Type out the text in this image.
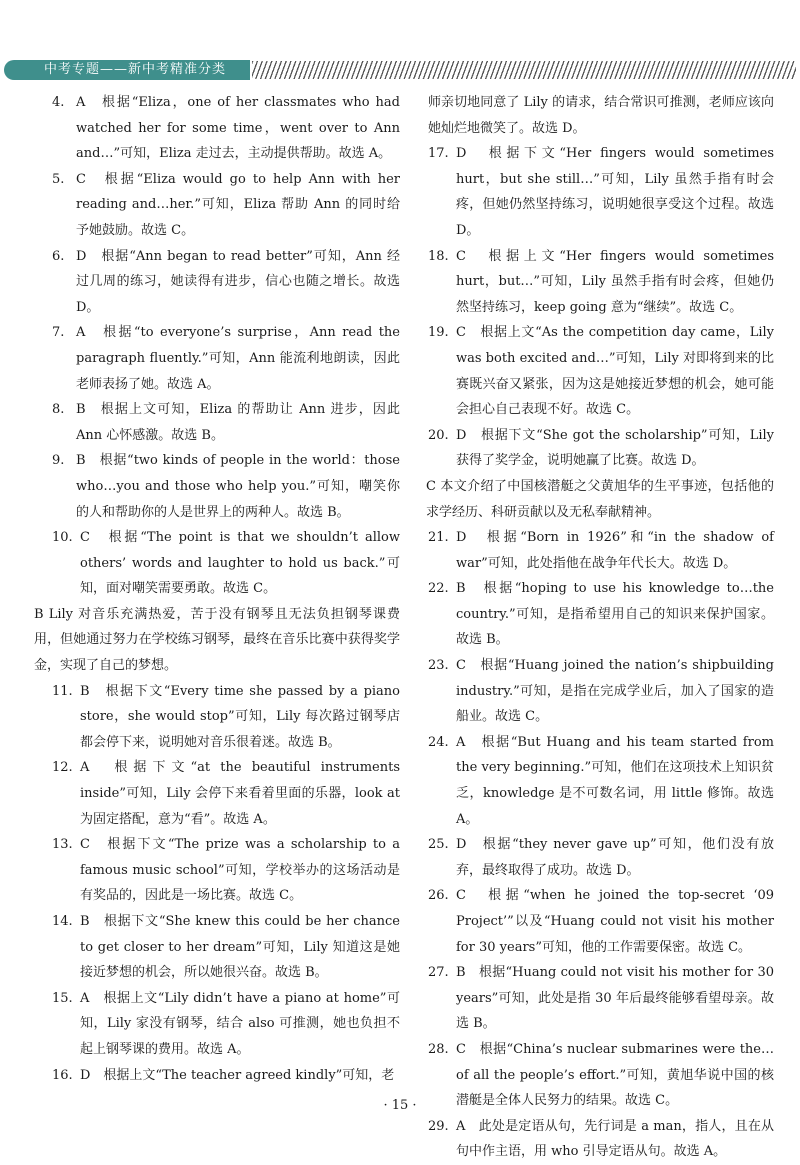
中考专题——新中考精准分类
4. A　根据“Eliza，one of her classmates who had watched her for some time，went over to Ann and…”可知，Eliza 走过去，主动提供帮助。故选 A。
5. C　根据“Eliza would go to help Ann with her reading and…her.”可知，Eliza 帮助 Ann 的同时给予她鼓励。故选 C。
6. D　根据“Ann began to read better”可知，Ann 经过几周的练习，她读得有进步，信心也随之增长。故选 D。
7. A　根据“to everyone’s surprise，Ann read the paragraph fluently.”可知，Ann 能流利地朗读，因此老师表扬了她。故选 A。
8. B　根据上文可知，Eliza 的帮助让 Ann 进步，因此 Ann 心怀感激。故选 B。
9. B　根据“two kinds of people in the world：those who…you and those who help you.”可知，嘲笑你的人和帮助你的人是世界上的两种人。故选 B。
10. C　根据“The point is that we shouldn’t allow others’ words and laughter to hold us back.”可知，面对嘲笑需要勇敢。故选 C。
B Lily 对音乐充满热爱，苦于没有钢琴且无法负担钢琴课费用，但她通过努力在学校练习钢琴，最终在音乐比赛中获得奖学金，实现了自己的梦想。
11. B　根据下文“Every time she passed by a piano store，she would stop”可知，Lily 每次路过钢琴店都会停下来，说明她对音乐很着迷。故选 B。
12. A　根据下文“at the beautiful instruments inside”可知，Lily 会停下来看着里面的乐器，look at 为固定搭配，意为“看”。故选 A。
13. C　根据下文“The prize was a scholarship to a famous music school”可知，学校举办的这场活动是有奖品的，因此是一场比赛。故选 C。
14. B　根据下文“She knew this could be her chance to get closer to her dream”可知，Lily 知道这是她接近梦想的机会，所以她很兴奋。故选 B。
15. A　根据上文“Lily didn’t have a piano at home”可知，Lily 家没有钢琴，结合 also 可推测，她也负担不起上钢琴课的费用。故选 A。
16. D　根据上文“The teacher agreed kindly”可知，老
师亲切地同意了 Lily 的请求，结合常识可推测，老师应该向她灿烂地微笑了。故选 D。
17. D　根据下文“Her fingers would sometimes hurt，but she still…”可知，Lily 虽然手指有时会疼，但她仍然坚持练习，说明她很享受这个过程。故选 D。
18. C　根据上文“Her fingers would sometimes hurt，but…”可知，Lily 虽然手指有时会疼，但她仍然坚持练习，keep going 意为“继续”。故选 C。
19. C　根据上文“As the competition day came，Lily was both excited and…”可知，Lily 对即将到来的比赛既兴奋又紧张，因为这是她接近梦想的机会，她可能会担心自己表现不好。故选 C。
20. D　根据下文“She got the scholarship”可知，Lily 获得了奖学金，说明她赢了比赛。故选 D。
C 本文介绍了中国核潜艇之父黄旭华的生平事迹，包括他的求学经历、科研贡献以及无私奉献精神。
21. D　根据“Born in 1926”和“in the shadow of war”可知，此处指他在战争年代长大。故选 D。
22. B　根据“hoping to use his knowledge to…the country.”可知，是指希望用自己的知识来保护国家。故选 B。
23. C　根据“Huang joined the nation’s shipbuilding industry.”可知，是指在完成学业后，加入了国家的造船业。故选 C。
24. A　根据“But Huang and his team started from the very beginning.”可知，他们在这项技术上知识贫乏，knowledge 是不可数名词，用 little 修饰。故选 A。
25. D　根据“they never gave up”可知，他们没有放弃，最终取得了成功。故选 D。
26. C　根据“when he joined the top-secret ‘09 Project’”以及“Huang could not visit his mother for 30 years”可知，他的工作需要保密。故选 C。
27. B　根据“Huang could not visit his mother for 30 years”可知，此处是指 30 年后最终能够看望母亲。故选 B。
28. C　根据“China’s nuclear submarines were the…of all the people’s effort.”可知，黄旭华说中国的核潜艇是全体人民努力的结果。故选 C。
29. A　此处是定语从句，先行词是 a man，指人，且在从句中作主语，用 who 引导定语从句。故选 A。
· 15 ·
